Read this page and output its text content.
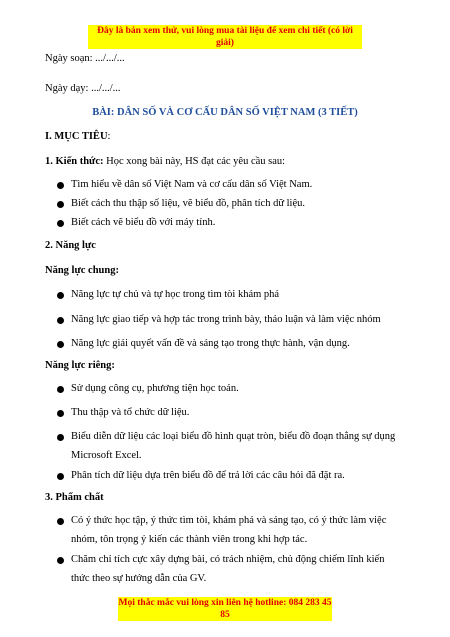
Đây là bản xem thử, vui lòng mua tài liệu để xem chi tiết (có lời giải)
Ngày soạn: .../.../...
Ngày dạy: .../.../...
BÀI: DÂN SỐ VÀ CƠ CẤU DÂN SỐ VIỆT NAM (3 TIẾT)
I. MỤC TIÊU:
1. Kiến thức: Học xong bài này, HS đạt các yêu cầu sau:
Tìm hiểu về dân số Việt Nam và cơ cấu dân số Việt Nam.
Biết cách thu thập số liệu, vẽ biểu đồ, phân tích dữ liệu.
Biết cách vẽ biểu đồ với máy tính.
2. Năng lực
Năng lực chung:
Năng lực tự chủ và tự học trong tìm tòi khám phá
Năng lực giao tiếp và hợp tác trong trình bày, thảo luận và làm việc nhóm
Năng lực giải quyết vấn đề và sáng tạo trong thực hành, vận dụng.
Năng lực riêng:
Sử dụng công cụ, phương tiện học toán.
Thu thập và tổ chức dữ liệu.
Biểu diễn dữ liệu các loại biểu đồ hình quạt tròn, biểu đồ đoạn thẳng sự dụng
Microsoft Excel.
Phân tích dữ liệu dựa trên biểu đồ để trả lời các câu hỏi đã đặt ra.
3. Phẩm chất
Có ý thức học tập, ý thức tìm tòi, khám phá và sáng tạo, có ý thức làm việc
nhóm, tôn trọng ý kiến các thành viên trong khi hợp tác.
Chăm chỉ tích cực xây dựng bài, có trách nhiệm, chủ động chiếm lĩnh kiến
thức theo sự hướng dẫn của GV.
Mọi thắc mắc vui lòng xin liên hệ hotline: 084 283 45 85
